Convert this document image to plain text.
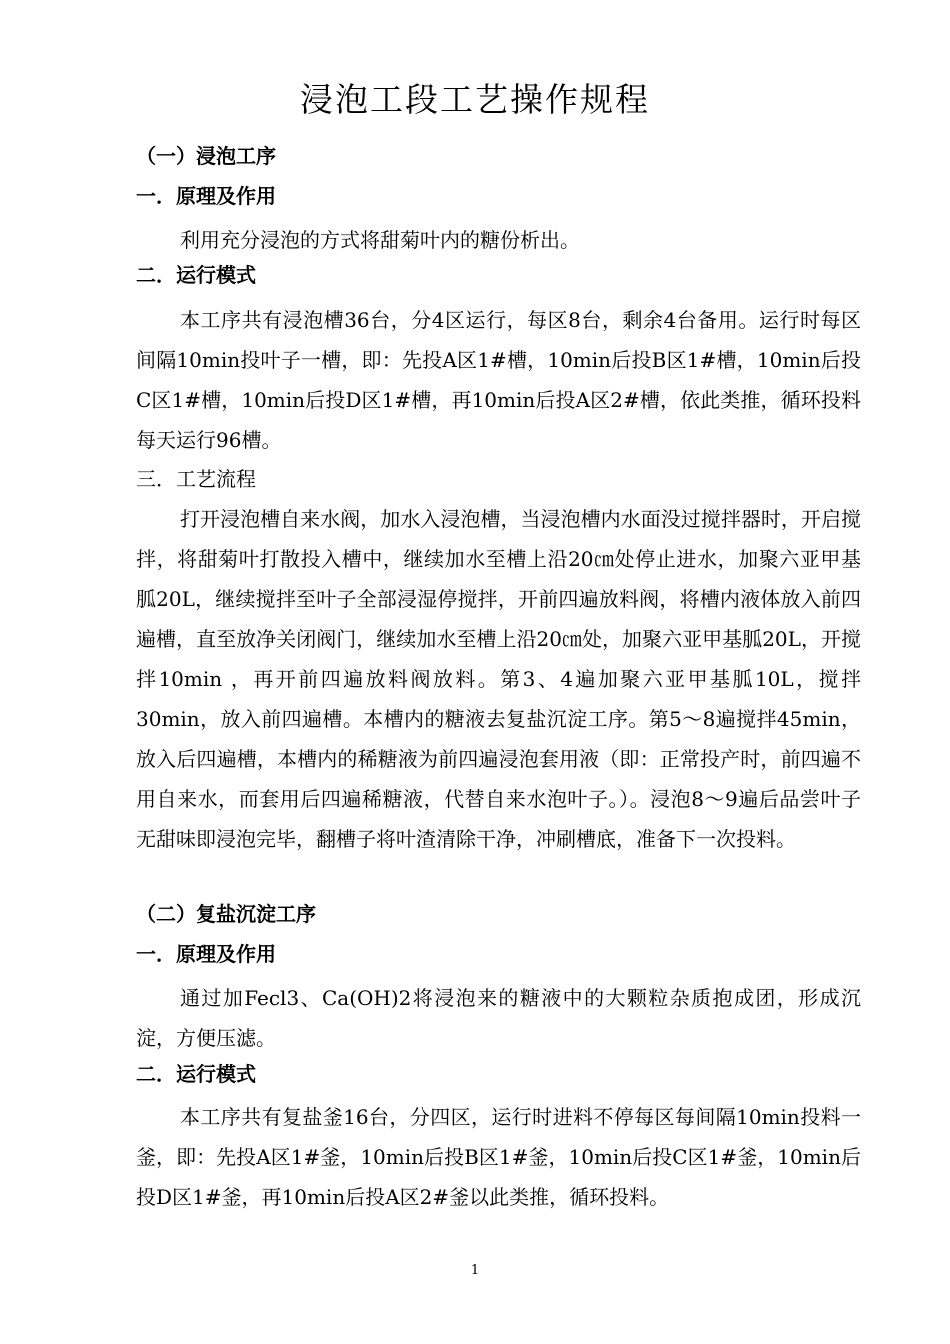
浸泡工段工艺操作规程
（一）浸泡工序
一．原理及作用
利用充分浸泡的方式将甜菊叶内的糖份析出。
二．运行模式
本工序共有浸泡槽36台，分4区运行，每区8台，剩余4台备用。运行时每区间隔10min投叶子一槽，即：先投A区1#槽，10min后投B区1#槽，10min后投C区1#槽，10min后投D区1#槽，再10min后投A区2#槽，依此类推，循环投料每天运行96槽。
三．工艺流程
打开浸泡槽自来水阀，加水入浸泡槽，当浸泡槽内水面没过搅拌器时，开启搅拌，将甜菊叶打散投入槽中，继续加水至槽上沿20㎝处停止进水，加聚六亚甲基胍20L，继续搅拌至叶子全部浸湿停搅拌，开前四遍放料阀，将槽内液体放入前四遍槽，直至放净关闭阀门，继续加水至槽上沿20㎝处，加聚六亚甲基胍20L，开搅拌10min ，再开前四遍放料阀放料。第3、4遍加聚六亚甲基胍10L，搅拌30min，放入前四遍槽。本槽内的糖液去复盐沉淀工序。第5～8遍搅拌45min，放入后四遍槽，本槽内的稀糖液为前四遍浸泡套用液（即：正常投产时，前四遍不用自来水，而套用后四遍稀糖液，代替自来水泡叶子。）。浸泡8～9遍后品尝叶子无甜味即浸泡完毕，翻槽子将叶渣清除干净，冲刷槽底，准备下一次投料。
（二）复盐沉淀工序
一．原理及作用
通过加Fecl3、Ca(OH)2将浸泡来的糖液中的大颗粒杂质抱成团，形成沉淀，方便压滤。
二．运行模式
本工序共有复盐釜16台，分四区，运行时进料不停每区每间隔10min投料一釜，即：先投A区1#釜，10min后投B区1#釜，10min后投C区1#釜，10min后投D区1#釜，再10min后投A区2#釜以此类推，循环投料。
1
